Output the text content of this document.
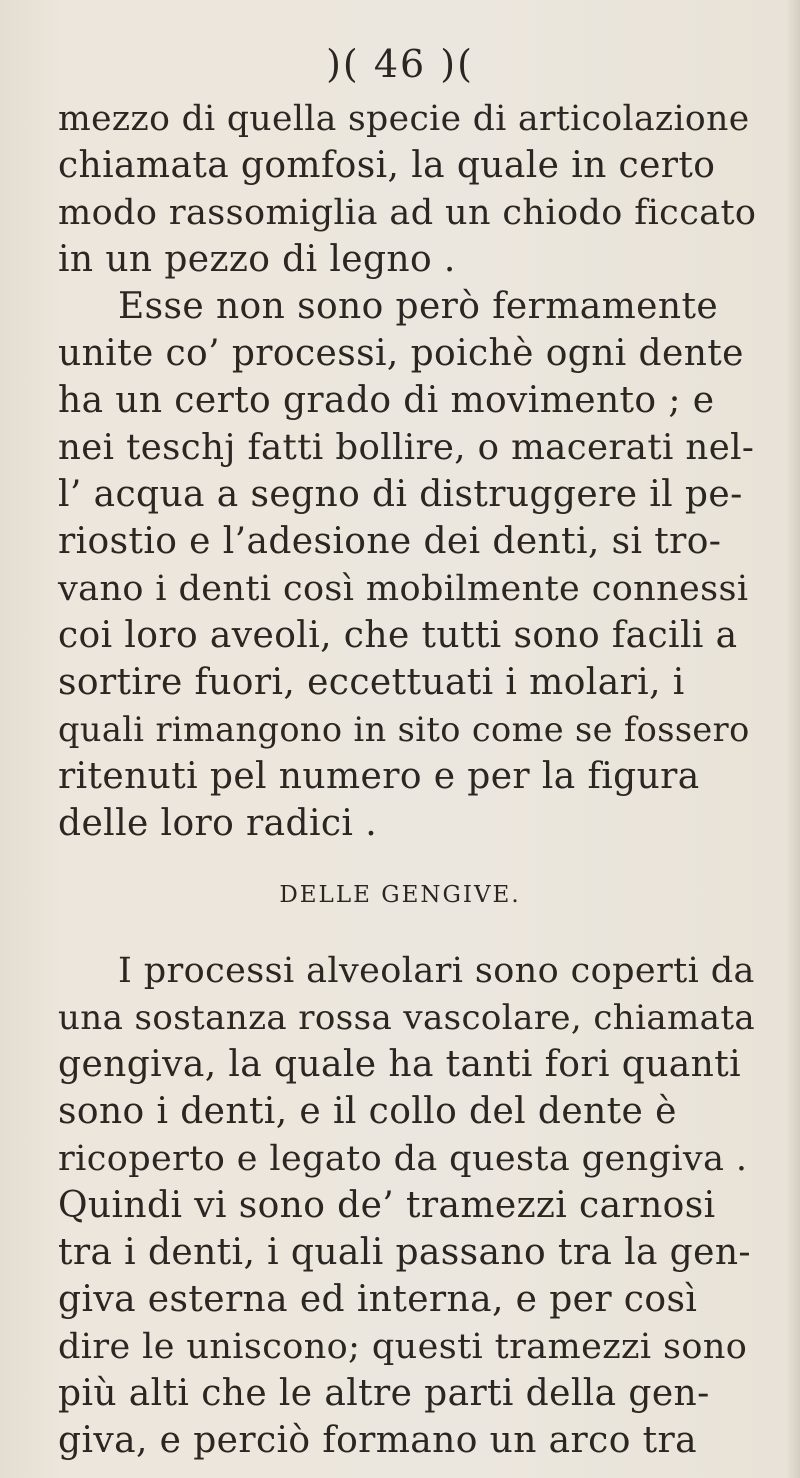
)( 46 )(
mezzo di quella specie di articolazione
chiamata gomfosi, la quale in certo
modo rassomiglia ad un chiodo ficcato
in un pezzo di legno .
Esse non sono però fermamente
unite co’ processi, poichè ogni dente
ha un certo grado di movimento ; e
nei teschj fatti bollire, o macerati nel-
l’ acqua a segno di distruggere il pe-
riostio e l’adesione dei denti, si tro-
vano i denti così mobilmente connessi
coi loro aveoli, che tutti sono facili a
sortire fuori, eccettuati i molari, i
quali rimangono in sito come se fossero
ritenuti pel numero e per la figura
delle loro radici .
DELLE GENGIVE.
I processi alveolari sono coperti da
una sostanza rossa vascolare, chiamata
gengiva, la quale ha tanti fori quanti
sono i denti, e il collo del dente è
ricoperto e legato da questa gengiva .
Quindi vi sono de’ tramezzi carnosi
tra i denti, i quali passano tra la gen-
giva esterna ed interna, e per così
dire le uniscono; questi tramezzi sono
più alti che le altre parti della gen-
giva, e perciò formano un arco tra
